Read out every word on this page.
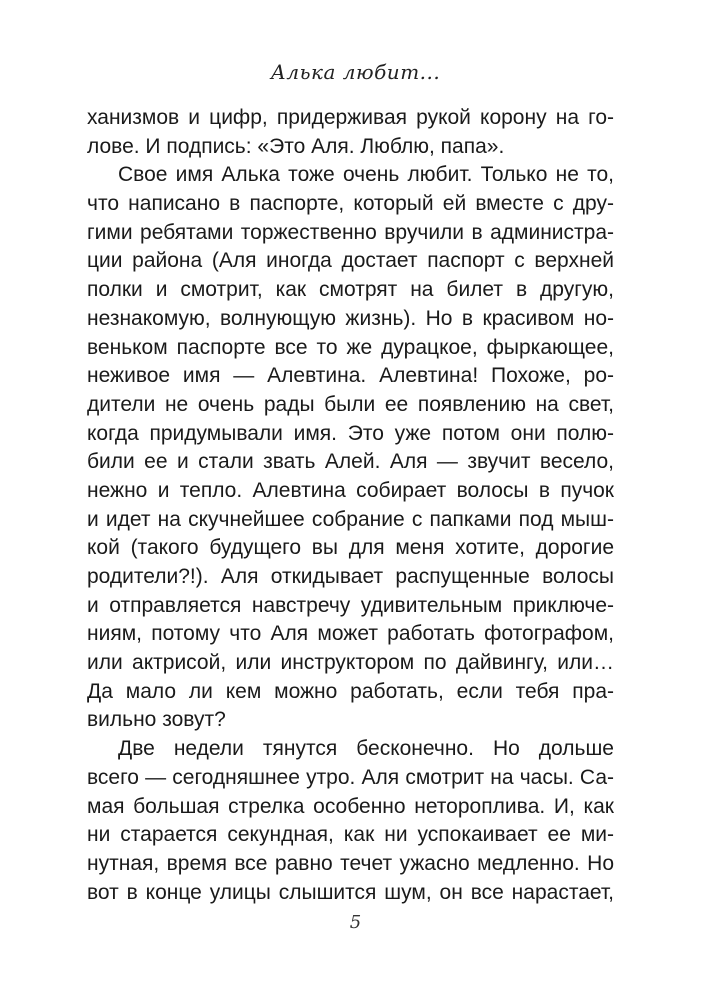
Алька любит...
ханизмов и цифр, придерживая рукой корону на го-
лове. И подпись: «Это Аля. Люблю, папа».
Свое имя Алька тоже очень любит. Только не то,
что написано в паспорте, который ей вместе с дру-
гими ребятами торжественно вручили в администра-
ции района (Аля иногда достает паспорт с верхней
полки и смотрит, как смотрят на билет в другую,
незнакомую, волнующую жизнь). Но в красивом но-
веньком паспорте все то же дурацкое, фыркающее,
неживое имя — Алевтина. Алевтина! Похоже, ро-
дители не очень рады были ее появлению на свет,
когда придумывали имя. Это уже потом они полю-
били ее и стали звать Алей. Аля — звучит весело,
нежно и тепло. Алевтина собирает волосы в пучок
и идет на скучнейшее собрание с папками под мыш-
кой (такого будущего вы для меня хотите, дорогие
родители?!). Аля откидывает распущенные волосы
и отправляется навстречу удивительным приключе-
ниям, потому что Аля может работать фотографом,
или актрисой, или инструктором по дайвингу, или…
Да мало ли кем можно работать, если тебя пра-
вильно зовут?
Две недели тянутся бесконечно. Но дольше
всего — сегодняшнее утро. Аля смотрит на часы. Са-
мая большая стрелка особенно неторопливa. И, как
ни старается секундная, как ни успокаивает ее ми-
нутная, время все равно течет ужасно медленно. Но
вот в конце улицы слышится шум, он все нарастает,
5
